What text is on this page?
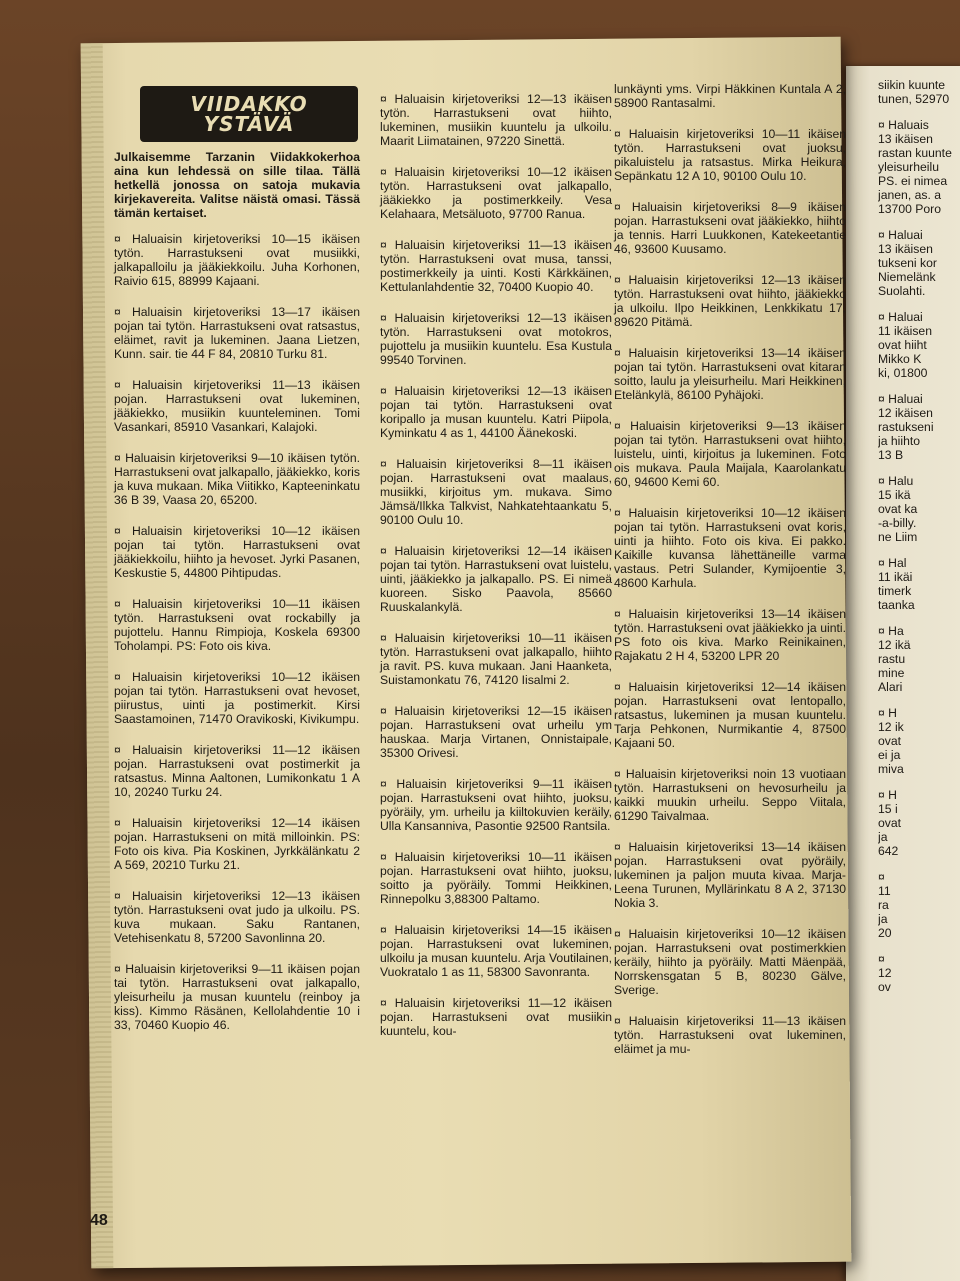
VIIDAKKO
YSTÄVÄ

Julkaisemme Tarzanin Viidakkokerhoa aina kun lehdessä on sille tilaa. Tällä hetkellä jonossa on satoja mukavia kirjekavereita. Valitse näistä omasi. Tässä tämän kertaiset.

¤ Haluaisin kirjetoveriksi 10—15 ikäisen tytön. Harrastukseni ovat musiikki, jalkapalloilu ja jääkiekkoilu. Juha Korhonen, Raivio 615, 88999 Kajaani.

¤ Haluaisin kirjetoveriksi 13—17 ikäisen pojan tai tytön. Harrastukseni ovat ratsastus, eläimet, ravit ja lukeminen. Jaana Lietzen, Kunn. sair. tie 44 F 84, 20810 Turku 81.

¤ Haluaisin kirjetoveriksi 11—13 ikäisen pojan. Harrastukseni ovat lukeminen, jääkiekko, musiikin kuunteleminen. Tomi Vasankari, 85910 Vasankari, Kalajoki.

¤ Haluaisin kirjetoveriksi 9—10 ikäisen tytön. Harrastukseni ovat jalkapallo, jääkiekko, koris ja kuva mukaan. Mika Viitikko, Kapteeninkatu 36 B 39, Vaasa 20, 65200.

¤ Haluaisin kirjetoveriksi 10—12 ikäisen pojan tai tytön. Harrastukseni ovat jääkiekkoilu, hiihto ja hevoset. Jyrki Pasanen, Keskustie 5, 44800 Pihtipudas.

¤ Haluaisin kirjetoveriksi 10—11 ikäisen tytön. Harrastukseni ovat rockabilly ja pujottelu. Hannu Rimpioja, Koskela 69300 Toholampi. PS: Foto ois kiva.

¤ Haluaisin kirjetoveriksi 10—12 ikäisen pojan tai tytön. Harrastukseni ovat hevoset, piirustus, uinti ja postimerkit. Kirsi Saastamoinen, 71470 Oravikoski, Kivikumpu.

¤ Haluaisin kirjetoveriksi 11—12 ikäisen pojan. Harrastukseni ovat postimerkit ja ratsastus. Minna Aaltonen, Lumikonkatu 1 A 10, 20240 Turku 24.

¤ Haluaisin kirjetoveriksi 12—14 ikäisen pojan. Harrastukseni on mitä milloinkin. PS: Foto ois kiva. Pia Koskinen, Jyrkkälänkatu 2 A 569, 20210 Turku 21.

¤ Haluaisin kirjetoveriksi 12—13 ikäisen tytön. Harrastukseni ovat judo ja ulkoilu. PS. kuva mukaan. Saku Rantanen, Vetehisenkatu 8, 57200 Savonlinna 20.

¤ Haluaisin kirjetoveriksi 9—11 ikäisen pojan tai tytön. Harrastukseni ovat jalkapallo, yleisurheilu ja musan kuuntelu (reinboy ja kiss). Kimmo Räsänen, Kellolahdentie 10 i 33, 70460 Kuopio 46.

¤ Haluaisin kirjetoveriksi 12—13 ikäisen tytön. Harrastukseni ovat hiihto, lukeminen, musiikin kuuntelu ja ulkoilu. Maarit Liimatainen, 97220 Sinettä.

¤ Haluaisin kirjetoveriksi 10—12 ikäisen tytön. Harrastukseni ovat jalkapallo, jääkiekko ja postimerkkeily. Vesa Kelahaara, Metsäluoto, 97700 Ranua.

¤ Haluaisin kirjetoveriksi 11—13 ikäisen tytön. Harrastukseni ovat musa, tanssi, postimerkkeily ja uinti. Kosti Kärkkäinen, Kettulanlahdentie 32, 70400 Kuopio 40.

¤ Haluaisin kirjetoveriksi 12—13 ikäisen tytön. Harrastukseni ovat motokros, pujottelu ja musiikin kuuntelu. Esa Kustula 99540 Torvinen.

¤ Haluaisin kirjetoveriksi 12—13 ikäisen pojan tai tytön. Harrastukseni ovat koripallo ja musan kuuntelu. Katri Piipola, Kyminkatu 4 as 1, 44100 Äänekoski.

¤ Haluaisin kirjetoveriksi 8—11 ikäisen pojan. Harrastukseni ovat maalaus, musiikki, kirjoitus ym. mukava. Simo Jämsä/Ilkka Talkvist, Nahkatehtaankatu 5, 90100 Oulu 10.

¤ Haluaisin kirjetoveriksi 12—14 ikäisen pojan tai tytön. Harrastukseni ovat luistelu, uinti, jääkiekko ja jalkapallo. PS. Ei nimeä kuoreen. Sisko Paavola, 85660 Ruuskalankylä.

¤ Haluaisin kirjetoveriksi 10—11 ikäisen tytön. Harrastukseni ovat jalkapallo, hiihto ja ravit. PS. kuva mukaan. Jani Haanketa, Suistamonkatu 76, 74120 Iisalmi 2.

¤ Haluaisin kirjetoveriksi 12—15 ikäisen pojan. Harrastukseni ovat urheilu ym hauskaa. Marja Virtanen, Onnistaipale, 35300 Orivesi.

¤ Haluaisin kirjetoveriksi 9—11 ikäisen pojan. Harrastukseni ovat hiihto, juoksu, pyöräily, ym. urheilu ja kiiltokuvien keräily, Ulla Kansanniva, Pasontie 92500 Rantsila.

¤ Haluaisin kirjetoveriksi 10—11 ikäisen pojan. Harrastukseni ovat hiihto, juoksu, soitto ja pyöräily. Tommi Heikkinen, Rinnepolku 3,88300 Paltamo.

¤ Haluaisin kirjetoveriksi 14—15 ikäisen pojan. Harrastukseni ovat lukeminen, ulkoilu ja musan kuuntelu. Arja Voutilainen, Vuokratalo 1 as 11, 58300 Savonranta.

¤ Haluaisin kirjetoveriksi 11—12 ikäisen pojan. Harrastukseni ovat musiikin kuuntelu, kou-

lunkäynti yms. Virpi Häkkinen Kuntala A 2, 58900 Rantasalmi.

¤ Haluaisin kirjetoveriksi 10—11 ikäisen tytön. Harrastukseni ovat juoksu, pikaluistelu ja ratsastus. Mirka Heikura, Sepänkatu 12 A 10, 90100 Oulu 10.

¤ Haluaisin kirjetoveriksi 8—9 ikäisen pojan. Harrastukseni ovat jääkiekko, hiihto ja tennis. Harri Luukkonen, Katekeetantie 46, 93600 Kuusamo.

¤ Haluaisin kirjetoveriksi 12—13 ikäisen tytön. Harrastukseni ovat hiihto, jääkiekko ja ulkoilu. Ilpo Heikkinen, Lenkkikatu 17, 89620 Pitämä.

¤ Haluaisin kirjetoveriksi 13—14 ikäisen pojan tai tytön. Harrastukseni ovat kitaran soitto, laulu ja yleisurheilu. Mari Heikkinen, Etelänkylä, 86100 Pyhäjoki.

¤ Haluaisin kirjetoveriksi 9—13 ikäisen pojan tai tytön. Harrastukseni ovat hiihto, luistelu, uinti, kirjoitus ja lukeminen. Foto ois mukava. Paula Maijala, Kaarolankatu 60, 94600 Kemi 60.

¤ Haluaisin kirjetoveriksi 10—12 ikäisen pojan tai tytön. Harrastukseni ovat koris, uinti ja hiihto. Foto ois kiva. Ei pakko. Kaikille kuvansa lähettäneille varma vastaus. Petri Sulander, Kymijoentie 3, 48600 Karhula.

¤ Haluaisin kirjetoveriksi 13—14 ikäisen tytön. Harrastukseni ovat jääkiekko ja uinti. PS foto ois kiva. Marko Reinikainen, Rajakatu 2 H 4, 53200 LPR 20

¤ Haluaisin kirjetoveriksi 12—14 ikäisen pojan. Harrastukseni ovat lentopallo, ratsastus, lukeminen ja musan kuuntelu. Tarja Pehkonen, Nurmikantie 4, 87500 Kajaani 50.

¤ Haluaisin kirjetoveriksi noin 13 vuotiaan tytön. Harrastukseni on hevosurheilu ja kaikki muukin urheilu. Seppo Viitala, 61290 Taivalmaa.

¤ Haluaisin kirjetoveriksi 13—14 ikäisen pojan. Harrastukseni ovat pyöräily, lukeminen ja paljon muuta kivaa. Marja-Leena Turunen, Myllärinkatu 8 A 2, 37130 Nokia 3.

¤ Haluaisin kirjetoveriksi 10—12 ikäisen pojan. Harrastukseni ovat postimerkkien keräily, hiihto ja pyöräily. Matti Mäenpää, Norrskensgatan 5 B, 80230 Gälve, Sverige.

¤ Haluaisin kirjetoveriksi 11—13 ikäisen tytön. Harrastukseni ovat lukeminen, eläimet ja mu-

siikin kuunte
tunen, 52970
¤ Haluais
13 ikäisen
rastan kuunte
yleisurheilu
PS. ei nimea
janen, as. a
13700 Poro
¤ Haluai
13 ikäisen
tukseni kor
Niemelänk
Suolahti.
¤ Haluai
11 ikäisen
ovat hiiht
Mikko K
ki, 01800
¤ Haluai
12 ikäisen
rastukseni
ja hiihto
13 B
¤ Halu
15 ikä
ovat ka
-a-billy.
ne Liim
¤ Hal
11 ikäi
timerk
taanka
¤ Ha
12 ikä
rastu
mine
Alari
¤ H
12 ik
ovat
ei ja
miva
¤ H
15 i
ovat
ja
642
¤
11
ra
ja
20
¤
12
ov
48
